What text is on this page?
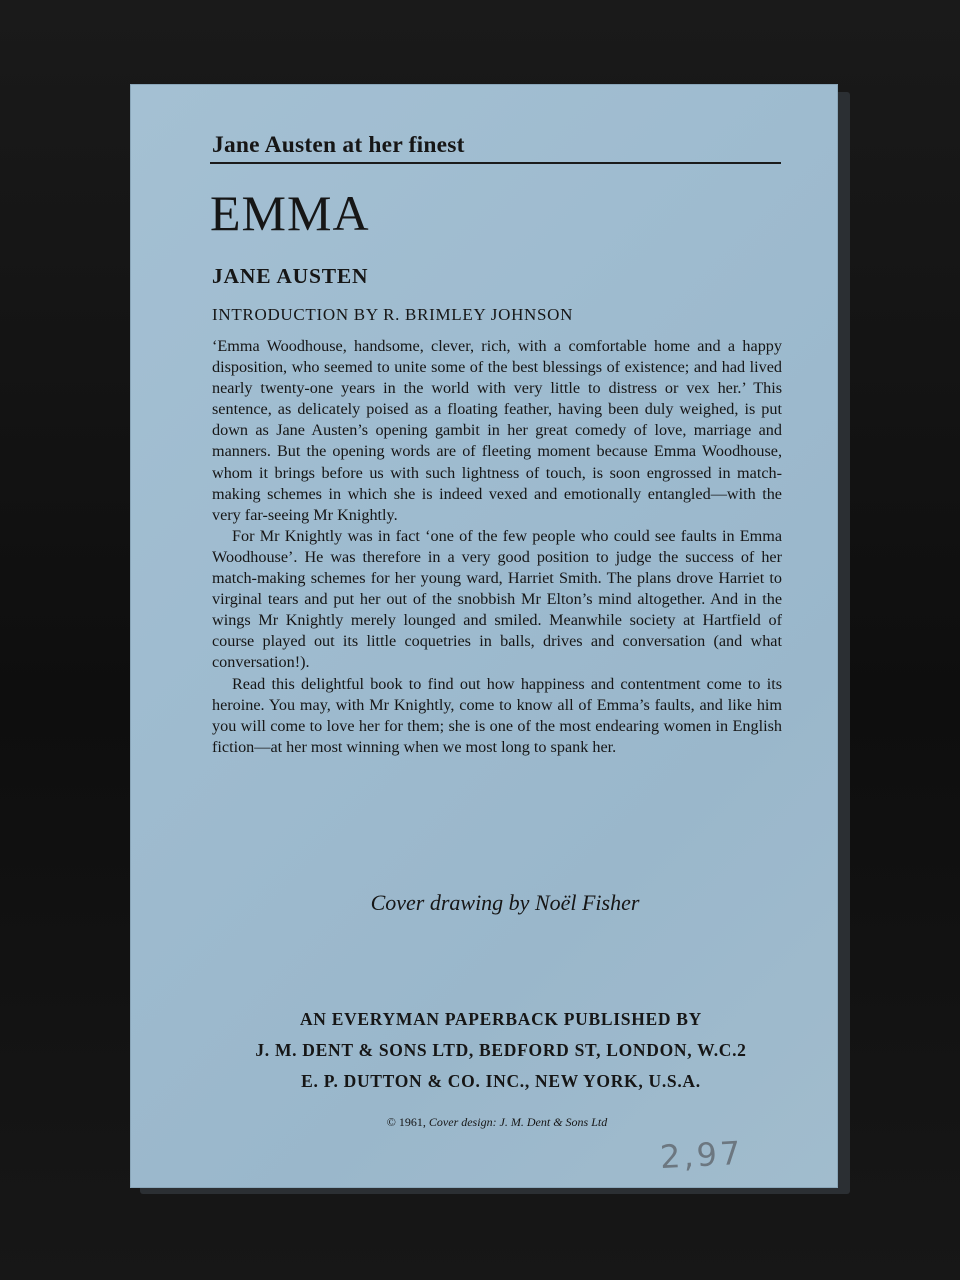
Jane Austen at her finest
EMMA
JANE AUSTEN
INTRODUCTION BY R. BRIMLEY JOHNSON

‘Emma Woodhouse, handsome, clever, rich, with a comfortable home and a happy disposition, who seemed to unite some of the best blessings of existence; and had lived nearly twenty-one years in the world with very little to distress or vex her.’ This sentence, as delicately poised as a floating feather, having been duly weighed, is put down as Jane Austen’s opening gambit in her great comedy of love, marriage and manners. But the opening words are of fleeting moment because Emma Woodhouse, whom it brings before us with such lightness of touch, is soon engrossed in match-making schemes in which she is indeed vexed and emotionally entangled—with the very far-seeing Mr Knightly.

For Mr Knightly was in fact ‘one of the few people who could see faults in Emma Woodhouse’. He was therefore in a very good position to judge the success of her match-making schemes for her young ward, Harriet Smith. The plans drove Harriet to virginal tears and put her out of the snobbish Mr Elton’s mind altogether. And in the wings Mr Knightly merely lounged and smiled. Meanwhile society at Hartfield of course played out its little coquetries in balls, drives and conversation (and what conversation!).

Read this delightful book to find out how happiness and contentment come to its heroine. You may, with Mr Knightly, come to know all of Emma’s faults, and like him you will come to love her for them; she is one of the most endearing women in English fiction—at her most winning when we most long to spank her.

Cover drawing by Noël Fisher
AN EVERYMAN PAPERBACK PUBLISHED BY
J. M. DENT & SONS LTD, BEDFORD ST, LONDON, W.C.2
E. P. DUTTON & CO. INC., NEW YORK, U.S.A.
© 1961, Cover design: J. M. Dent & Sons Ltd
2,97
